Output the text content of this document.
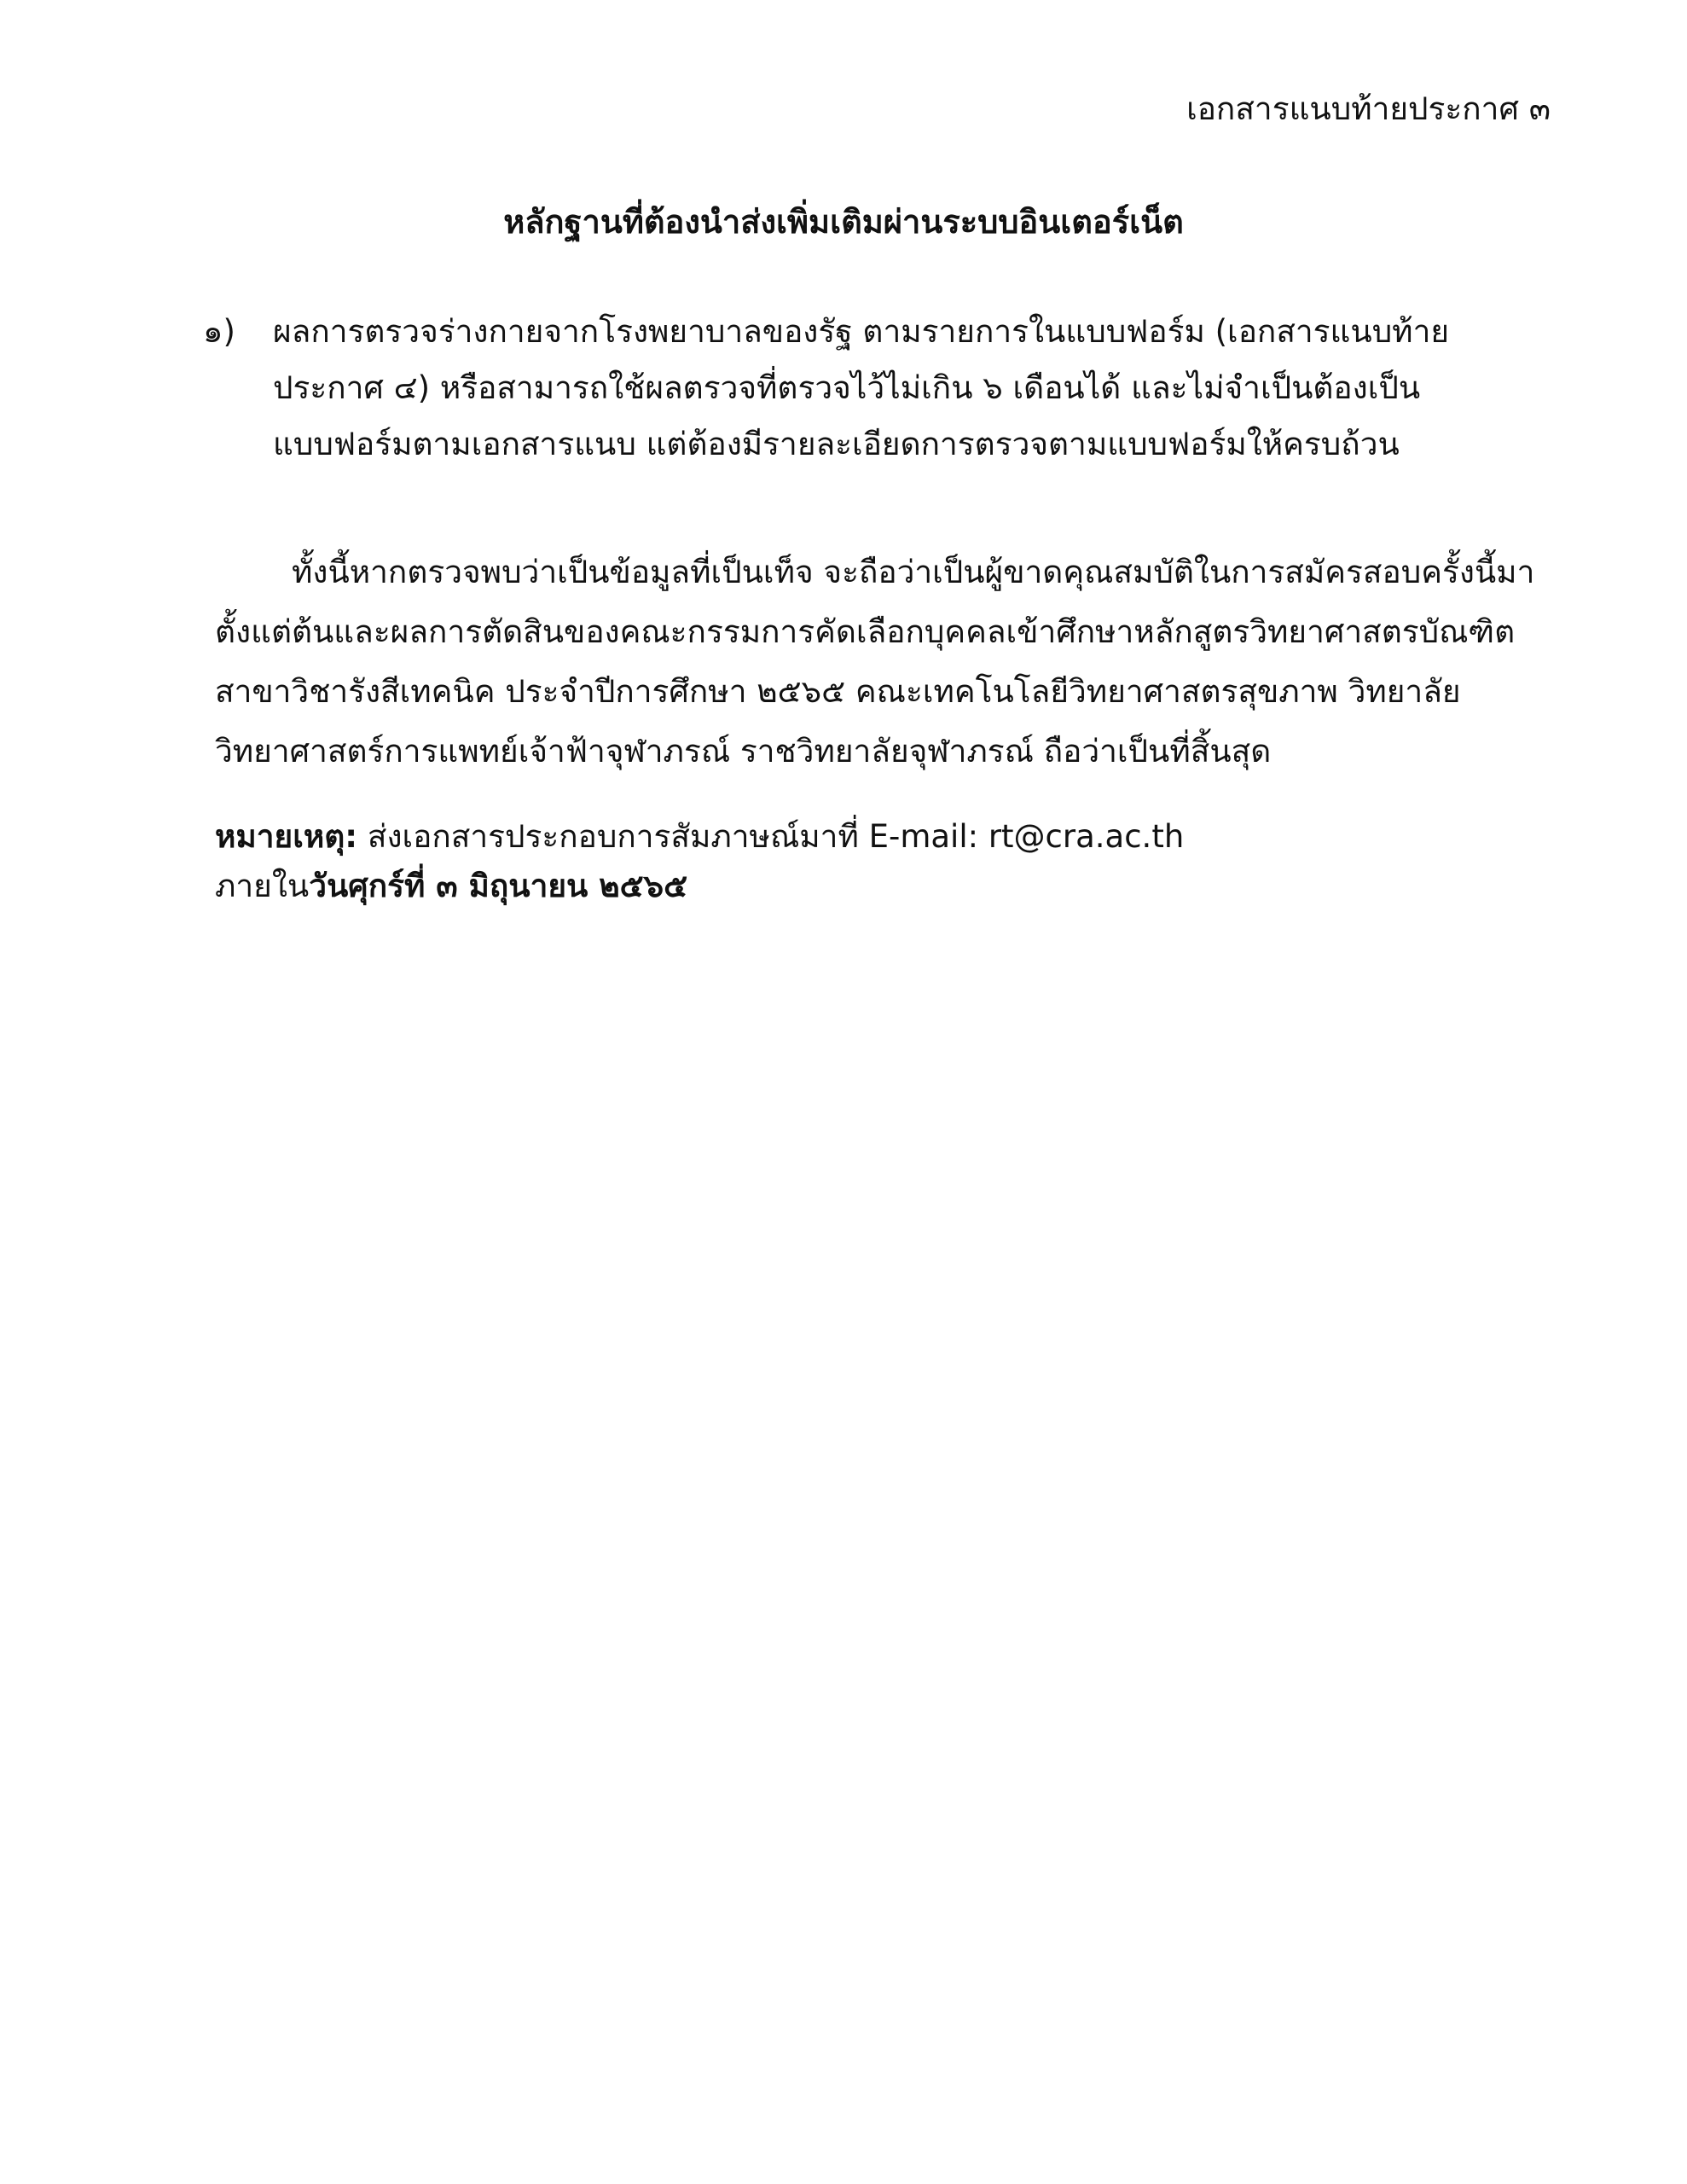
เอกสารแนบท้ายประกาศ ๓
หลักฐานที่ต้องนำส่งเพิ่มเติมผ่านระบบอินเตอร์เน็ต
๑)	ผลการตรวจร่างกายจากโรงพยาบาลของรัฐ ตามรายการในแบบฟอร์ม (เอกสารแนบท้าย
ประกาศ ๔) หรือสามารถใช้ผลตรวจที่ตรวจไว้ไม่เกิน ๖ เดือนได้ และไม่จำเป็นต้องเป็น
แบบฟอร์มตามเอกสารแนบ แต่ต้องมีรายละเอียดการตรวจตามแบบฟอร์มให้ครบถ้วน
ทั้งนี้หากตรวจพบว่าเป็นข้อมูลที่เป็นเท็จ จะถือว่าเป็นผู้ขาดคุณสมบัติในการสมัครสอบครั้งนี้มา
ตั้งแต่ต้นและผลการตัดสินของคณะกรรมการคัดเลือกบุคคลเข้าศึกษาหลักสูตรวิทยาศาสตรบัณฑิต
สาขาวิชารังสีเทคนิค ประจำปีการศึกษา ๒๕๖๕ คณะเทคโนโลยีวิทยาศาสตรสุขภาพ วิทยาลัย
วิทยาศาสตร์การแพทย์เจ้าฟ้าจุฬาภรณ์ ราชวิทยาลัยจุฬาภรณ์ ถือว่าเป็นที่สิ้นสุด
หมายเหตุ: ส่งเอกสารประกอบการสัมภาษณ์มาที่ E-mail: rt@cra.ac.th
ภายในวันศุกร์ที่ ๓ มิถุนายน ๒๕๖๕
